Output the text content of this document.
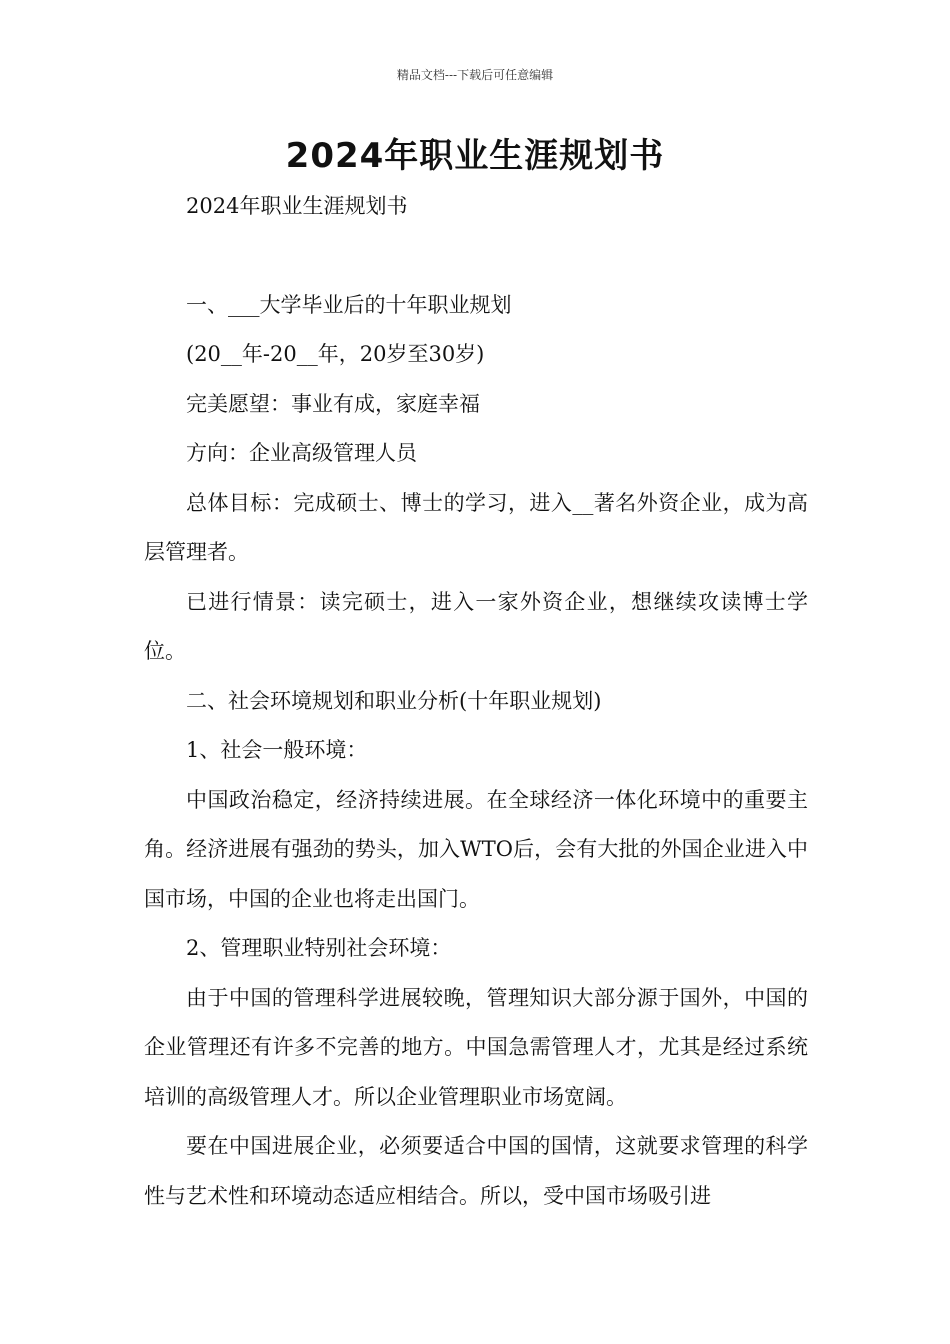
精品文档---下载后可任意编辑
2024年职业生涯规划书

2024年职业生涯规划书

一、___大学毕业后的十年职业规划

(20__年-20__年，20岁至30岁)

完美愿望：事业有成，家庭幸福

方向：企业高级管理人员

总体目标：完成硕士、博士的学习，进入__著名外资企业，成为高层管理者。

已进行情景：读完硕士，进入一家外资企业，想继续攻读博士学位。

二、社会环境规划和职业分析(十年职业规划)

1、社会一般环境：

中国政治稳定，经济持续进展。在全球经济一体化环境中的重要主角。经济进展有强劲的势头，加入WTO后，会有大批的外国企业进入中国市场，中国的企业也将走出国门。

2、管理职业特别社会环境：

由于中国的管理科学进展较晚，管理知识大部分源于国外，中国的企业管理还有许多不完善的地方。中国急需管理人才，尤其是经过系统培训的高级管理人才。所以企业管理职业市场宽阔。

要在中国进展企业，必须要适合中国的国情，这就要求管理的科学性与艺术性和环境动态适应相结合。所以，受中国市场吸引进
